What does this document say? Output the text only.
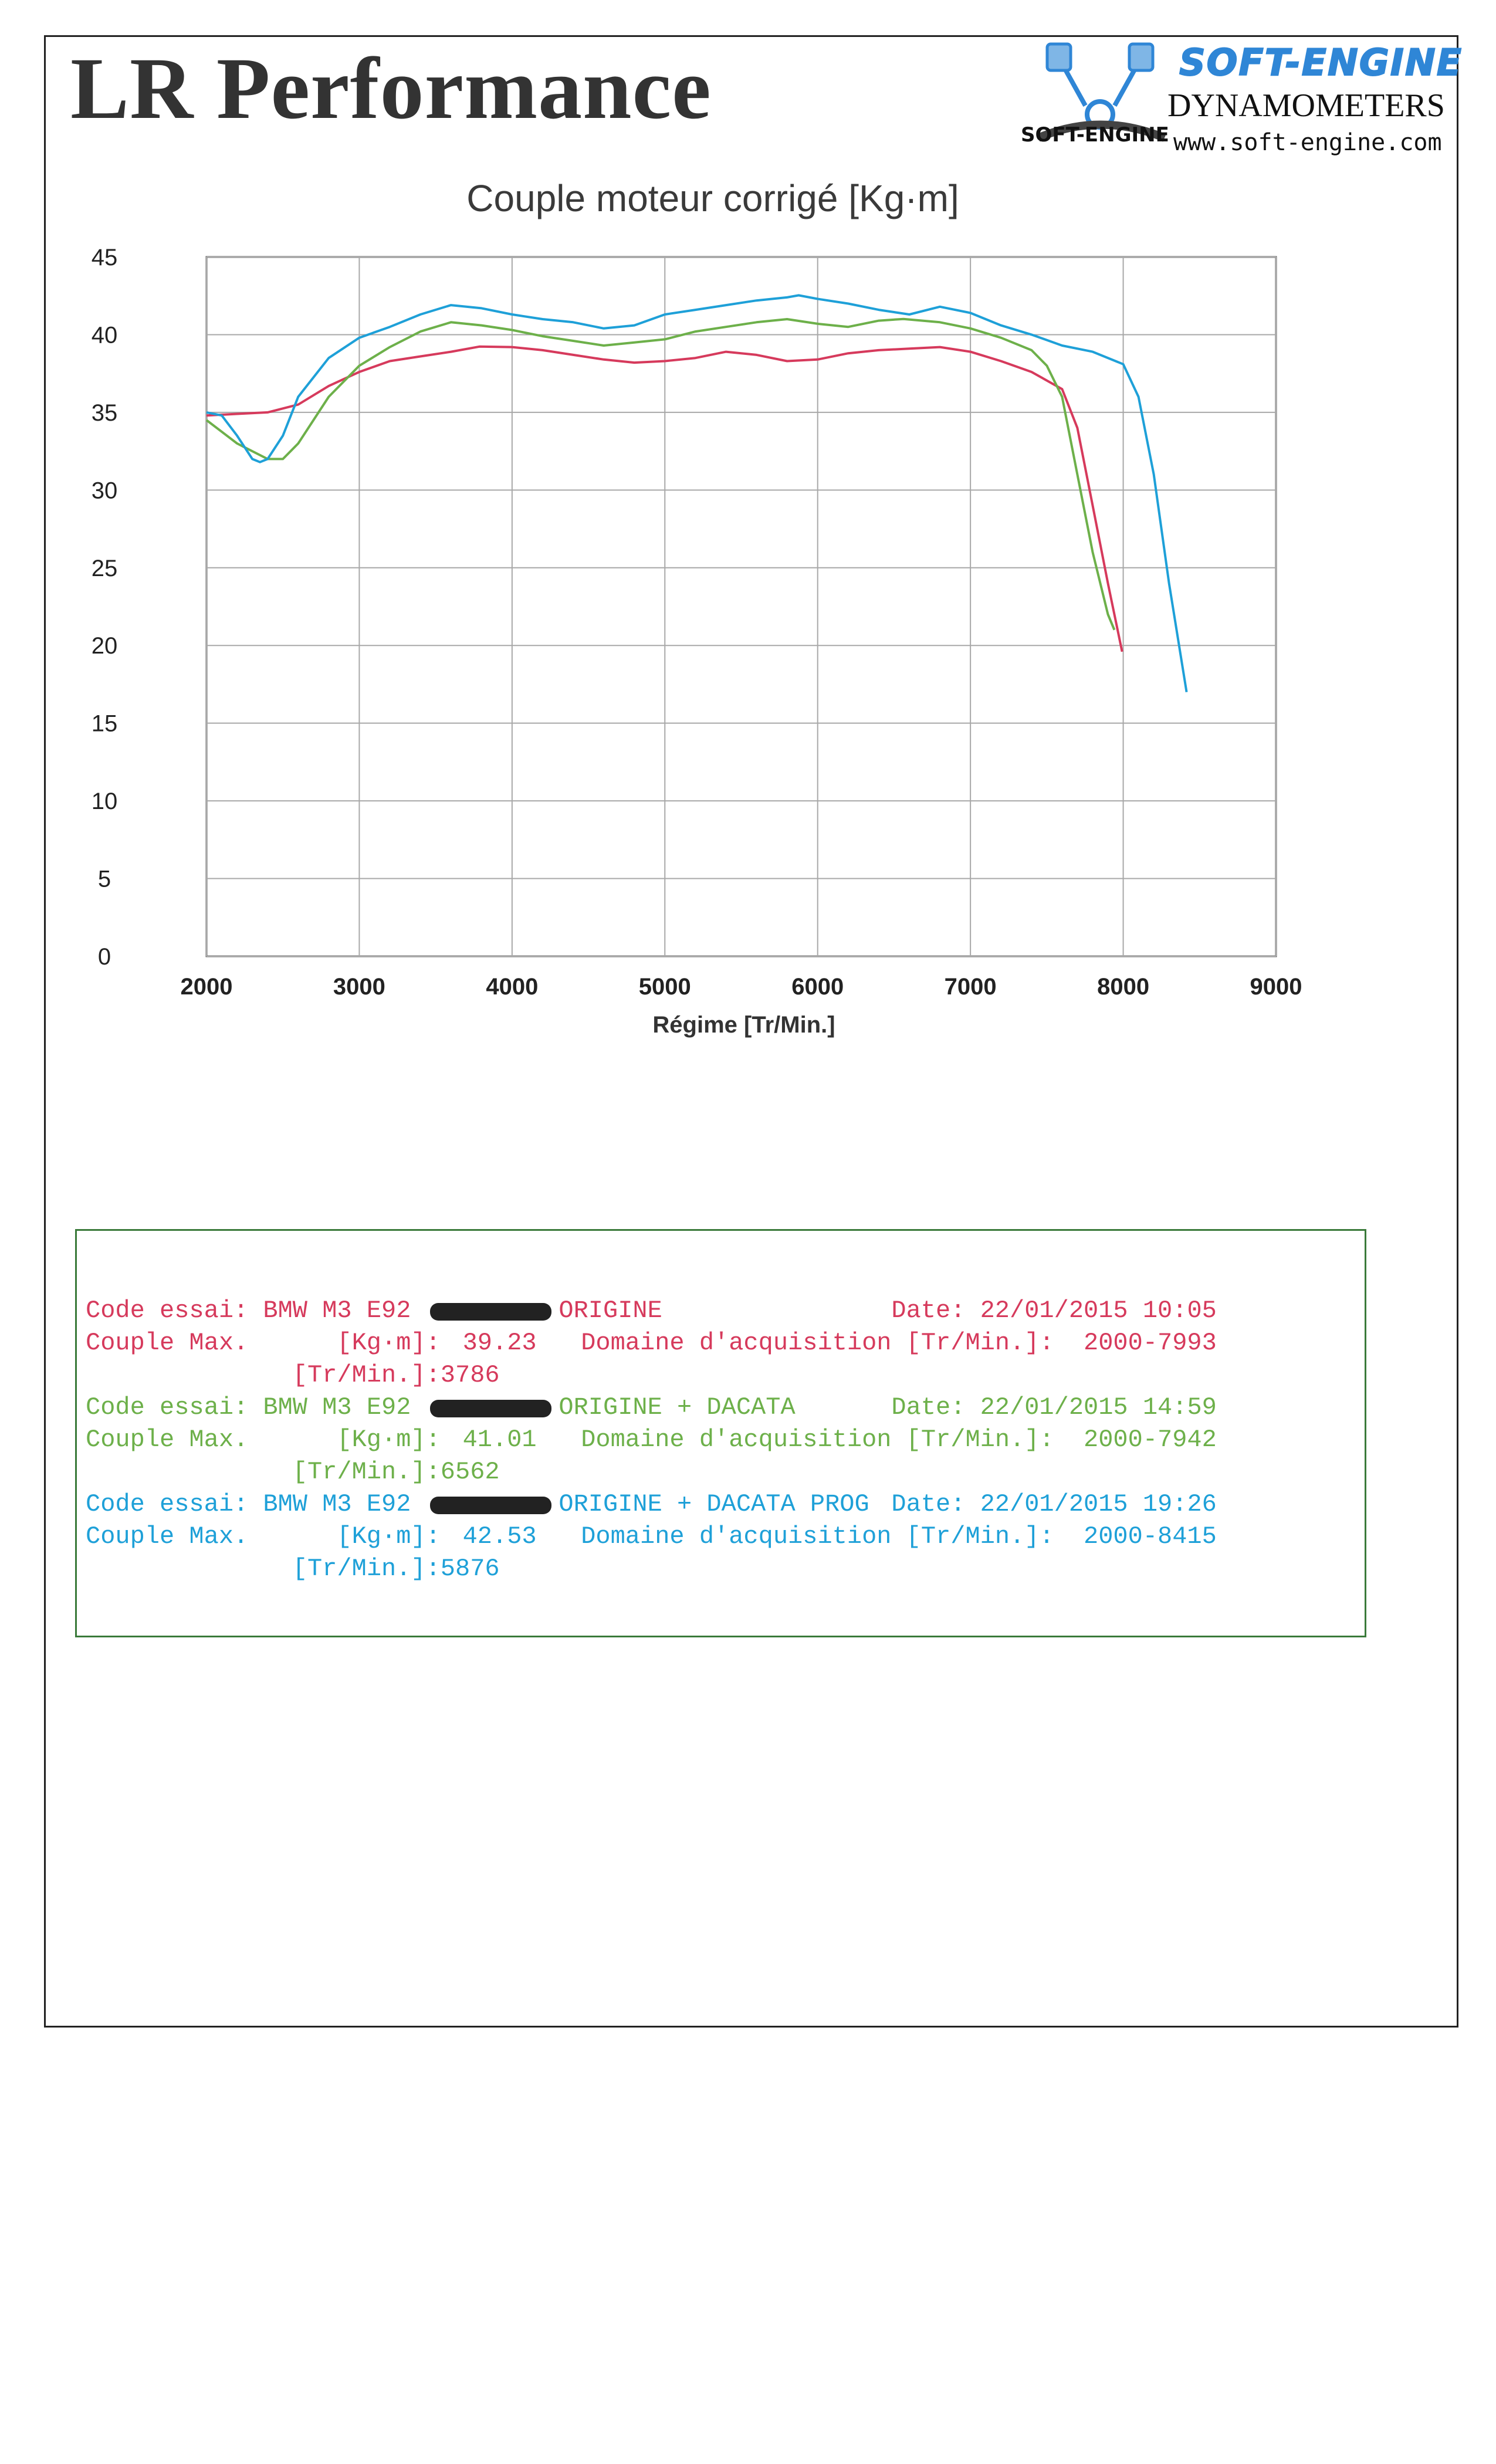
LR Performance	SOFT-ENGINE
DYNAMOMETERS
SOFT-ENGINE www.soft-engine.com
Couple moteur corrigé [Kg·m]
0
5
10
15
20
25
30
35
40
45
2000	3000	4000	5000	6000	7000	8000	9000
Régime [Tr/Min.]
Code essai: BMW M3 E92	ORIGINE	Date: 22/01/2015 10:05
Couple Max.	[Kg·m]: 39.23 Domaine d'acquisition [Tr/Min.]: 2000-7993
[Tr/Min.]: 3786
Code essai: BMW M3 E92	ORIGINE + DACATA	Date: 22/01/2015 14:59
Couple Max.	[Kg·m]: 41.01 Domaine d'acquisition [Tr/Min.]: 2000-7942
[Tr/Min.]: 6562
Code essai: BMW M3 E92	ORIGINE + DACATA PROG Date: 22/01/2015 19:26
Couple Max.	[Kg·m]: 42.53 Domaine d'acquisition [Tr/Min.]: 2000-8415
[Tr/Min.]: 5876
